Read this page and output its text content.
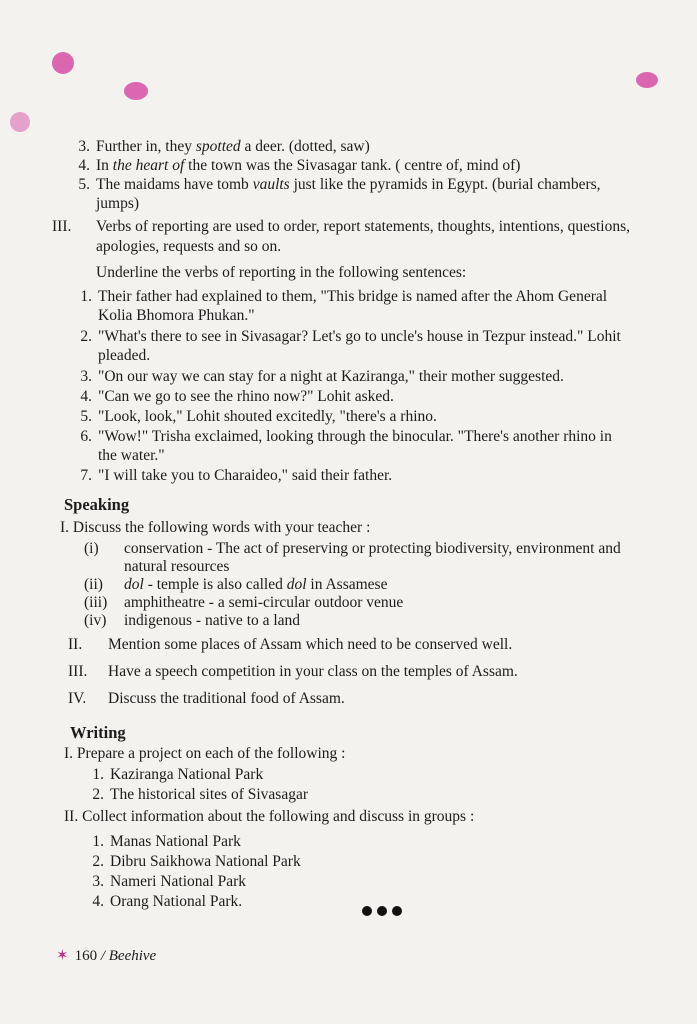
3. Further in, they spotted a deer. (dotted, saw)
4. In the heart of the town was the Sivasagar tank. ( centre of, mind of)
5. The maidams have tomb vaults just like the pyramids in Egypt. (burial chambers,
jumps)
III. Verbs of reporting are used to order, report statements, thoughts, intentions, questions,
apologies, requests and so on.
Underline the verbs of reporting in the following sentences:
1. Their father had explained to them, "This bridge is named after the Ahom General
Kolia Bhomora Phukan."
2. "What's there to see in Sivasagar? Let's go to uncle's house in Tezpur instead." Lohit
pleaded.
3. "On our way we can stay for a night at Kaziranga," their mother suggested.
4. "Can we go to see the rhino now?" Lohit asked.
5. "Look, look," Lohit shouted excitedly, "there's a rhino.
6. "Wow!" Trisha exclaimed, looking through the binocular. "There's another rhino in
the water."
7. "I will take you to Charaideo," said their father.
Speaking
I. Discuss the following words with your teacher :
(i) conservation - The act of preserving or protecting biodiversity, environment and
natural resources
(ii) dol - temple is also called dol in Assamese
(iii) amphitheatre - a semi-circular outdoor venue
(iv) indigenous - native to a land
II. Mention some places of Assam which need to be conserved well.
III. Have a speech competition in your class on the temples of Assam.
IV. Discuss the traditional food of Assam.
Writing
I. Prepare a project on each of the following :
1. Kaziranga National Park
2. The historical sites of Sivasagar
II. Collect information about the following and discuss in groups :
1. Manas National Park
2. Dibru Saikhowa National Park
3. Nameri National Park
4. Orang National Park.
✶ 160 / Beehive
